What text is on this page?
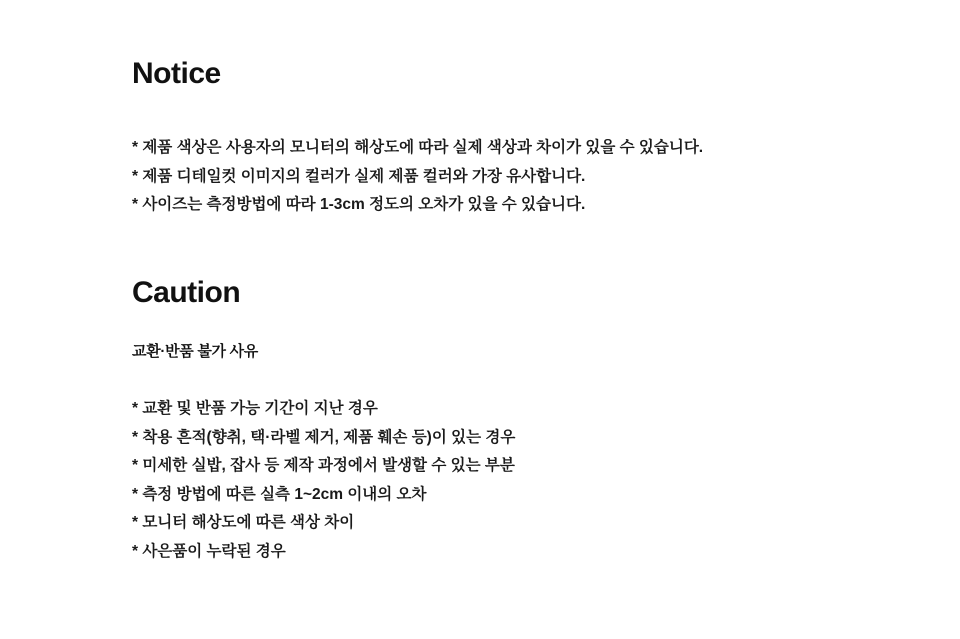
Notice
* 제품 색상은 사용자의 모니터의 해상도에 따라 실제 색상과 차이가 있을 수 있습니다.
* 제품 디테일컷 이미지의 컬러가 실제 제품 컬러와 가장 유사합니다.
* 사이즈는 측정방법에 따라 1-3cm 정도의 오차가 있을 수 있습니다.
Caution
교환·반품 불가 사유
* 교환 및 반품 가능 기간이 지난 경우
* 착용 흔적(향취, 택·라벨 제거, 제품 훼손 등)이 있는 경우
* 미세한 실밥, 잡사 등 제작 과정에서 발생할 수 있는 부분
* 측정 방법에 따른 실측 1~2cm 이내의 오차
* 모니터 해상도에 따른 색상 차이
* 사은품이 누락된 경우
